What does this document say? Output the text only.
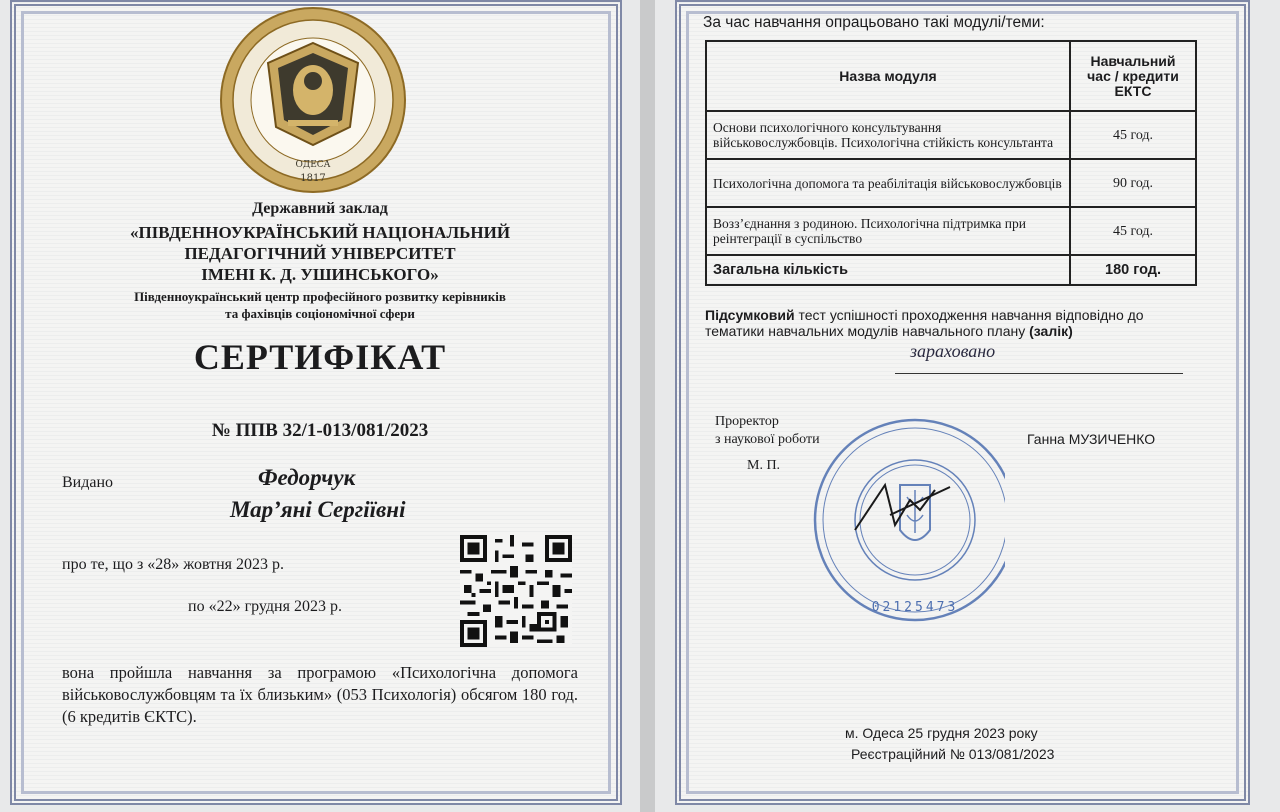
ОДЕСА
1817
Державний заклад
«ПІВДЕННОУКРАЇНСЬКИЙ НАЦІОНАЛЬНИЙ
ПЕДАГОГІЧНИЙ УНІВЕРСИТЕТ
ІМЕНІ К. Д. УШИНСЬКОГО»
Південноукраїнський центр професійного розвитку керівників
та фахівців соціономічної сфери
СЕРТИФІКАТ
№ ППВ 32/1-013/081/2023
Видано	Федорчук
Мар’яні Сергіївні
про те, що з «28» жовтня 2023 р.
по «22» грудня 2023 р.
вона пройшла навчання за програмою «Психологічна допомога військовослужбовцям та їх близьким» (053 Психологія) обсягом 180 год. (6 кредитів ЄКТС).
За час навчання опрацьовано такі модулі/теми:
Назва модуля	Навчальний час / кредити ЕКТС
Основи психологічного консультування військовослужбовців. Психологічна стійкість консультанта	45 год.
Психологічна допомога та реабілітація військовослужбовців	90 год.
Возз’єднання з родиною. Психологічна підтримка при реінтеграції в суспільство	45 год.
Загальна кількість	180 год.
Підсумковий тест успішності проходження навчання відповідно до тематики навчальних модулів навчального плану (залік)
зараховано
02125473
Проректор
з наукової роботи	Ганна МУЗИЧЕНКО
М. П.
м. Одеса 25 грудня 2023 року
Реєстраційний № 013/081/2023
